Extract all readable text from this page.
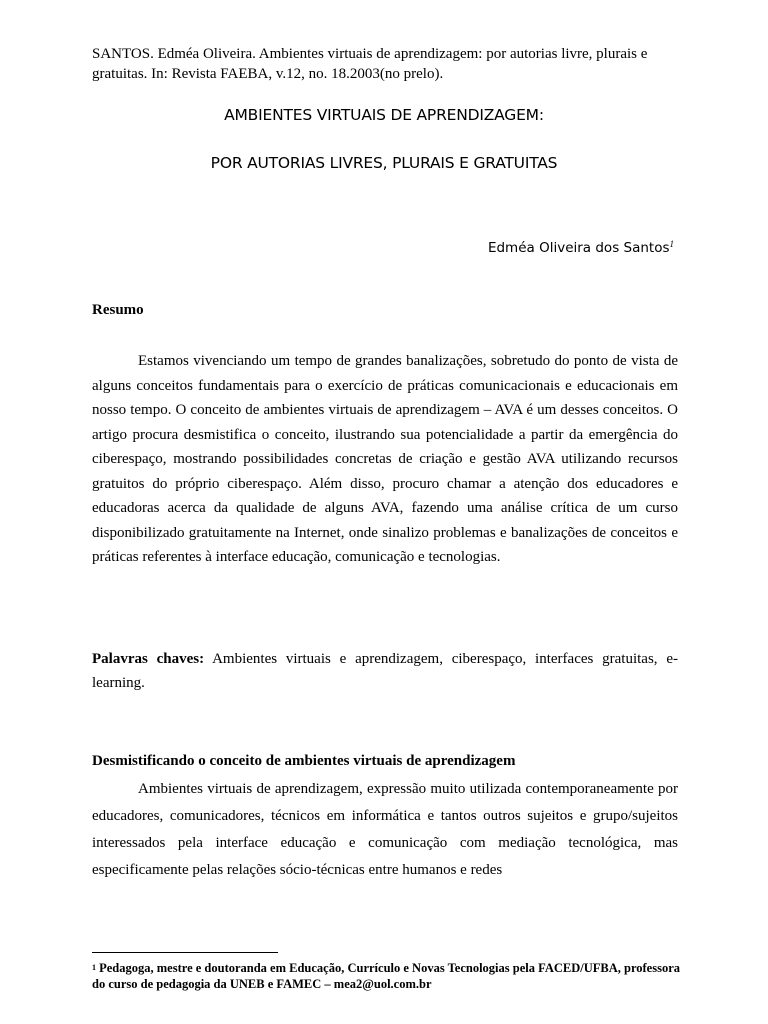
SANTOS. Edméa Oliveira. Ambientes virtuais de aprendizagem: por autorias livre, plurais e gratuitas. In: Revista FAEBA, v.12, no. 18.2003(no prelo).
AMBIENTES VIRTUAIS DE APRENDIZAGEM:
POR AUTORIAS LIVRES, PLURAIS E GRATUITAS
Edméa Oliveira dos Santos$^1$
Resumo

Estamos vivenciando um tempo de grandes banalizações, sobretudo do ponto de vista de alguns conceitos fundamentais para o exercício de práticas comunicacionais e educacionais em nosso tempo. O conceito de ambientes virtuais de aprendizagem – AVA é um desses conceitos. O artigo procura desmistifica o conceito, ilustrando sua potencialidade a partir da emergência do ciberespaço, mostrando possibilidades concretas de criação e gestão AVA utilizando recursos gratuitos do próprio ciberespaço. Além disso, procuro chamar a atenção dos educadores e educadoras acerca da qualidade de alguns AVA, fazendo uma análise crítica de um curso disponibilizado gratuitamente na Internet, onde sinalizo problemas e banalizações de conceitos e práticas referentes à interface educação, comunicação e tecnologias.

Palavras chaves: Ambientes virtuais e aprendizagem, ciberespaço, interfaces gratuitas, e-learning.

Desmistificando o conceito de ambientes virtuais de aprendizagem

Ambientes virtuais de aprendizagem, expressão muito utilizada contemporaneamente por educadores, comunicadores, técnicos em informática e tantos outros sujeitos e grupo/sujeitos interessados pela interface educação e comunicação com mediação tecnológica, mas especificamente pelas relações sócio-técnicas entre humanos e redes

$^1$ Pedagoga, mestre e doutoranda em Educação, Currículo e Novas Tecnologias pela FACED/UFBA, professora do curso de pedagogia da UNEB e FAMEC – mea2@uol.com.br
